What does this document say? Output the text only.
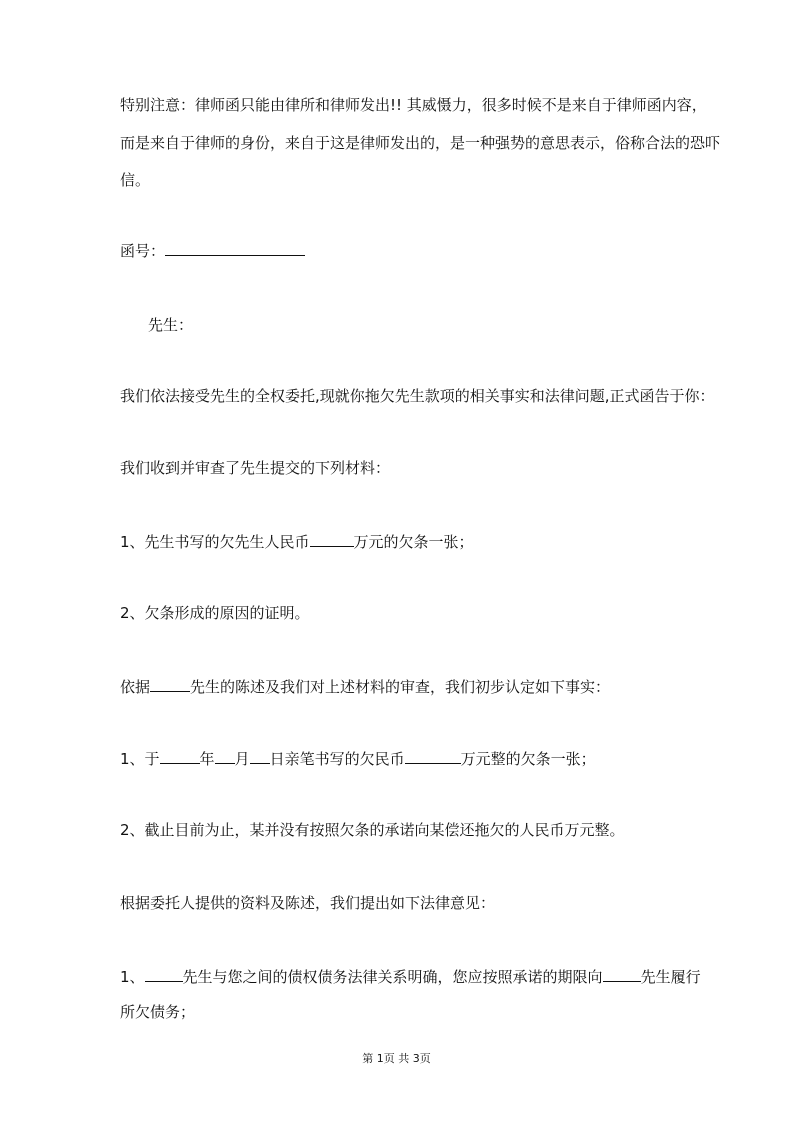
特别注意：律师函只能由律所和律师发出!! 其威慑力，很多时候不是来自于律师函内容，
而是来自于律师的身份，来自于这是律师发出的，是一种强势的意思表示，俗称合法的恐吓
信。
函号：
先生：
我们依法接受先生的全权委托,现就你拖欠先生款项的相关事实和法律问题,正式函告于你：
我们收到并审查了先生提交的下列材料：
1、先生书写的欠先生人民币	万元的欠条一张；
2、欠条形成的原因的证明。
依据	先生的陈述及我们对上述材料的审查，我们初步认定如下事实：
1、于	年 月 日亲笔书写的欠民币	万元整的欠条一张；
2、截止目前为止，某并没有按照欠条的承诺向某偿还拖欠的人民币万元整。
根据委托人提供的资料及陈述，我们提出如下法律意见：
1、	先生与您之间的债权债务法律关系明确，您应按照承诺的期限向	先生履行
所欠债务；
第 1页 共 3页
